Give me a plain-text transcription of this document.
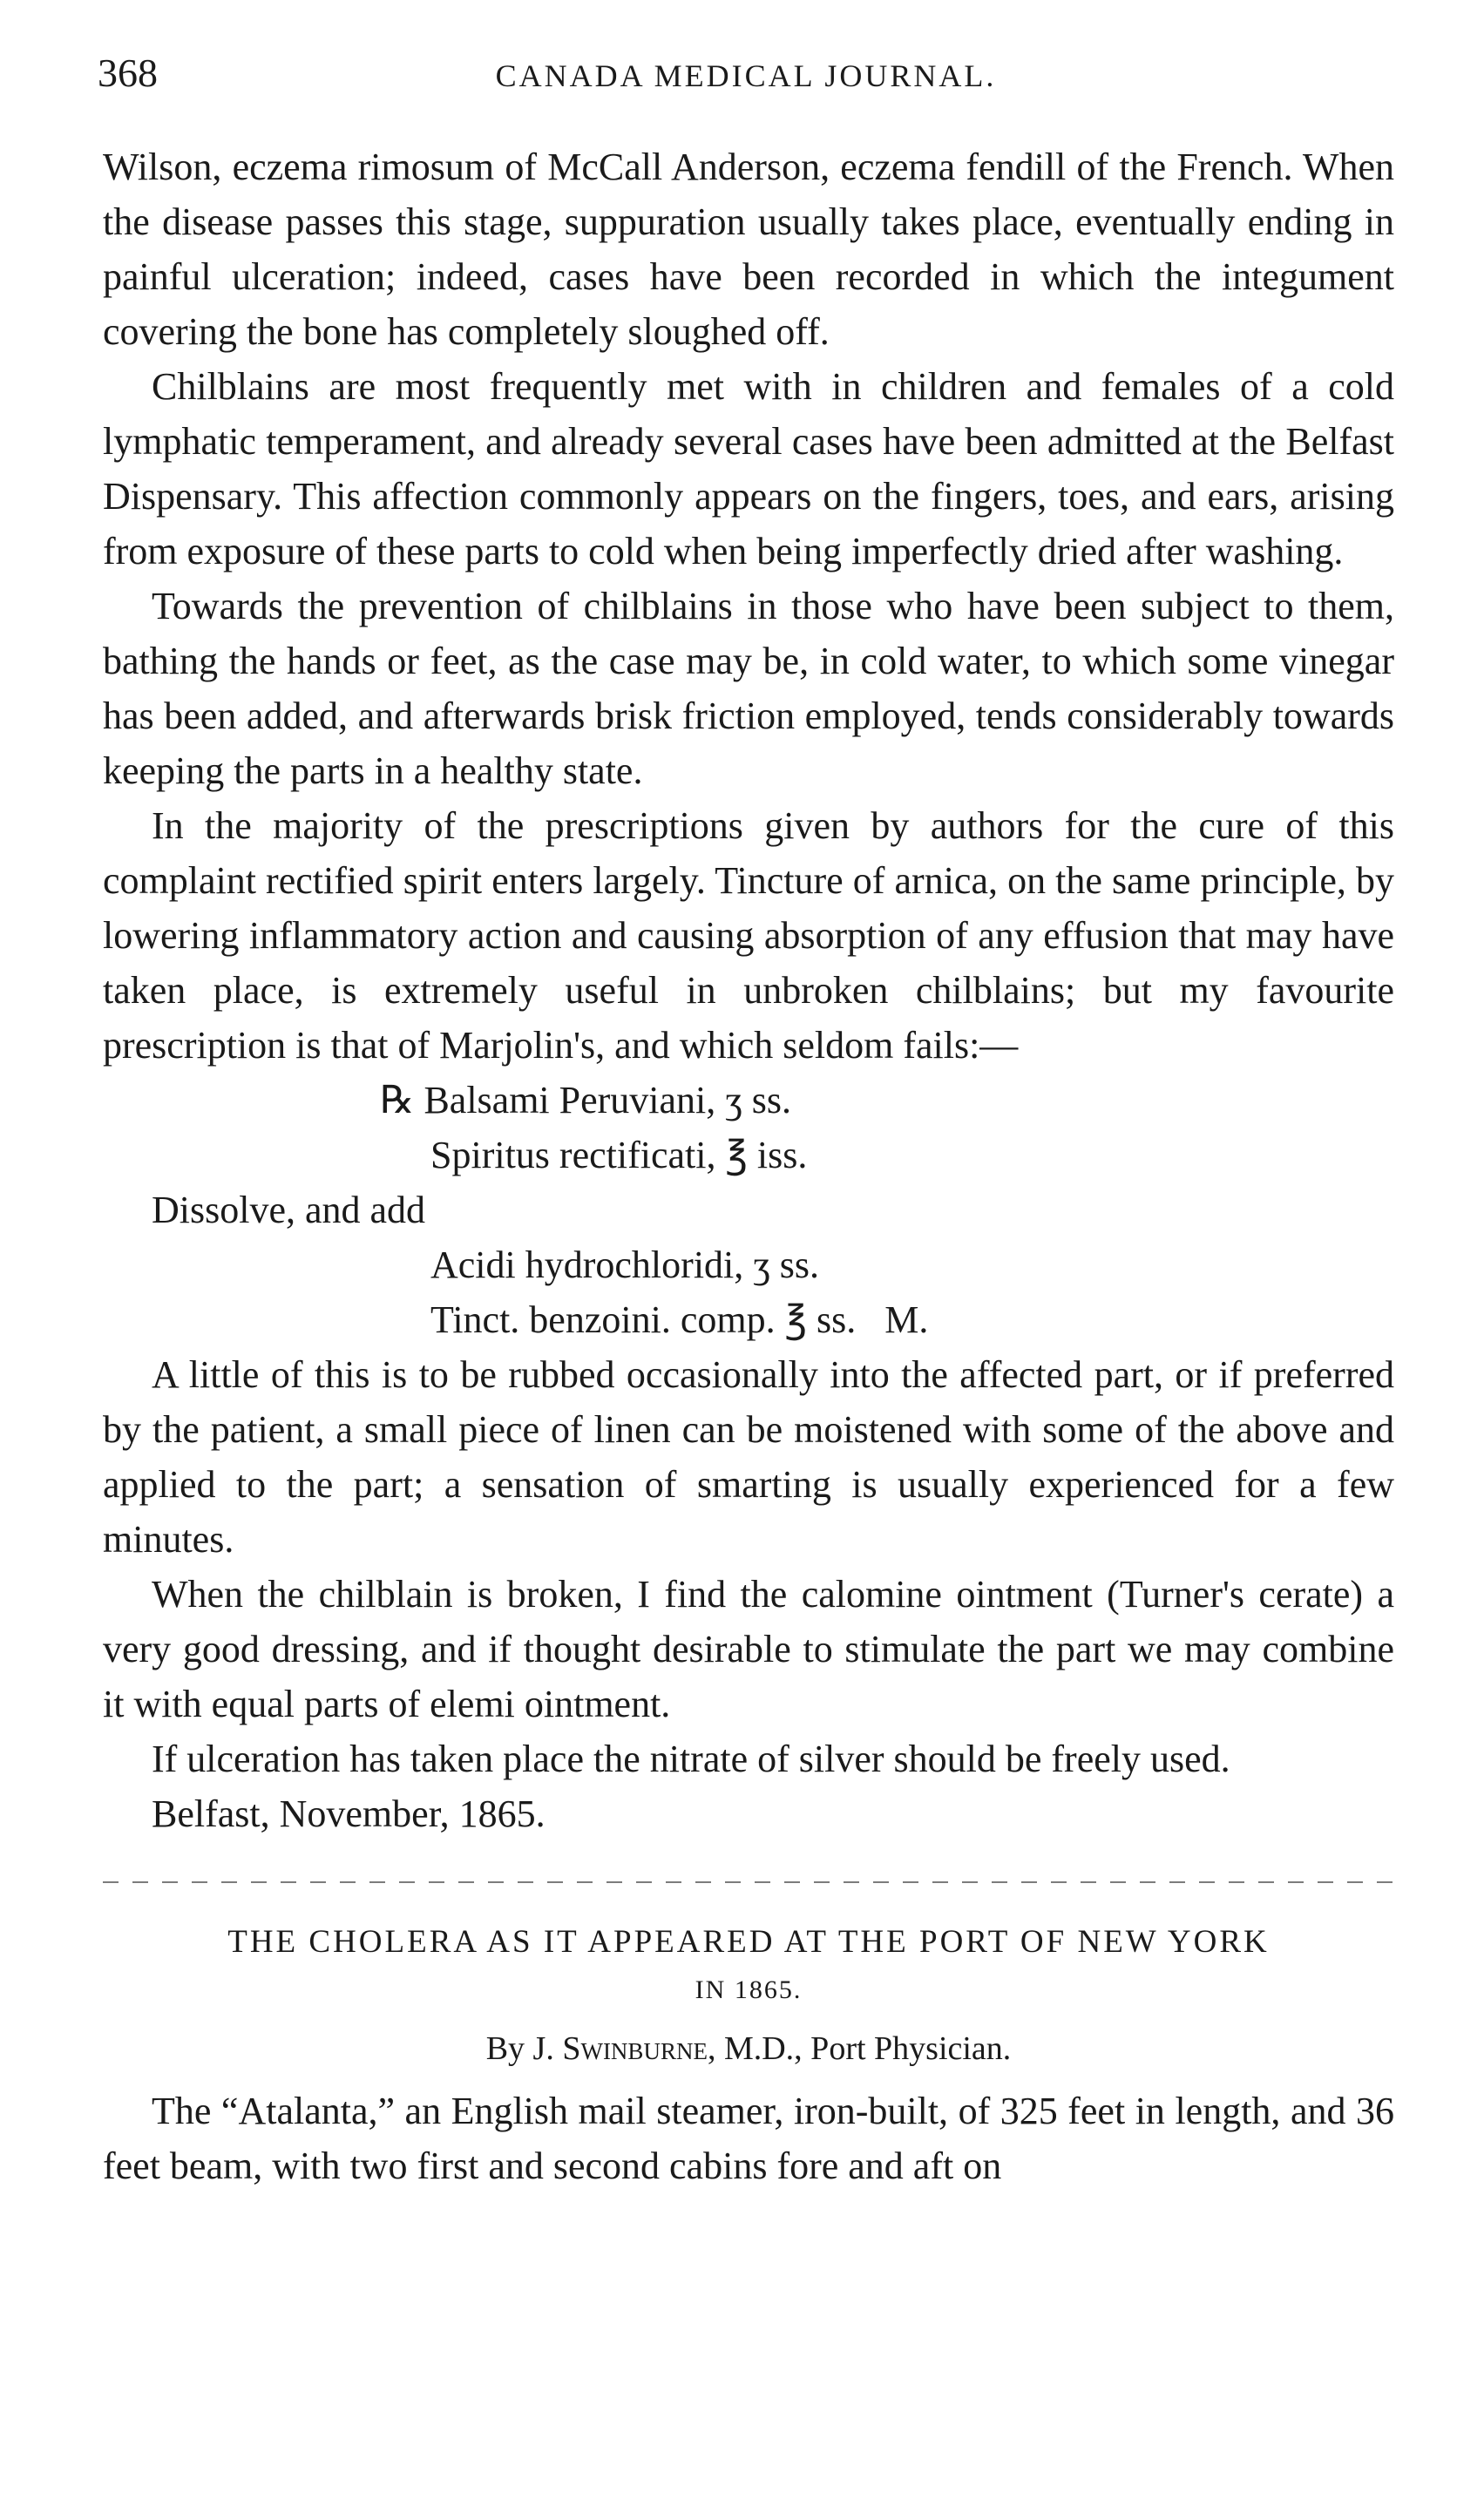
368	CANADA MEDICAL JOURNAL.

Wilson, eczema rimosum of McCall Anderson, eczema fendill of the French. When the disease passes this stage, suppuration usually takes place, eventually ending in painful ulceration; indeed, cases have been recorded in which the integument covering the bone has completely sloughed off.

Chilblains are most frequently met with in children and females of a cold lymphatic temperament, and already several cases have been admitted at the Belfast Dispensary. This affection commonly appears on the fingers, toes, and ears, arising from exposure of these parts to cold when being imperfectly dried after washing.

Towards the prevention of chilblains in those who have been subject to them, bathing the hands or feet, as the case may be, in cold water, to which some vinegar has been added, and afterwards brisk friction employed, tends considerably towards keeping the parts in a healthy state.

In the majority of the prescriptions given by authors for the cure of this complaint rectified spirit enters largely. Tincture of arnica, on the same principle, by lowering inflammatory action and causing absorption of any effusion that may have taken place, is extremely useful in unbroken chilblains; but my favourite prescription is that of Marjolin's, and which seldom fails:—

℞ Balsami Peruviani, ʒ ss.
Spiritus rectificati, ℥ iss.
Dissolve, and add
Acidi hydrochloridi, ʒ ss.
Tinct. benzoini. comp. ℥ ss.   M.

A little of this is to be rubbed occasionally into the affected part, or if preferred by the patient, a small piece of linen can be moistened with some of the above and applied to the part; a sensation of smarting is usually experienced for a few minutes.

When the chilblain is broken, I find the calomine ointment (Turner's cerate) a very good dressing, and if thought desirable to stimulate the part we may combine it with equal parts of elemi ointment.

If ulceration has taken place the nitrate of silver should be freely used.

Belfast, November, 1865.

THE CHOLERA AS IT APPEARED AT THE PORT OF NEW YORK
IN 1865.
By J. Swinburne, M.D., Port Physician.

The “Atalanta,” an English mail steamer, iron-built, of 325 feet in length, and 36 feet beam, with two first and second cabins fore and aft on
